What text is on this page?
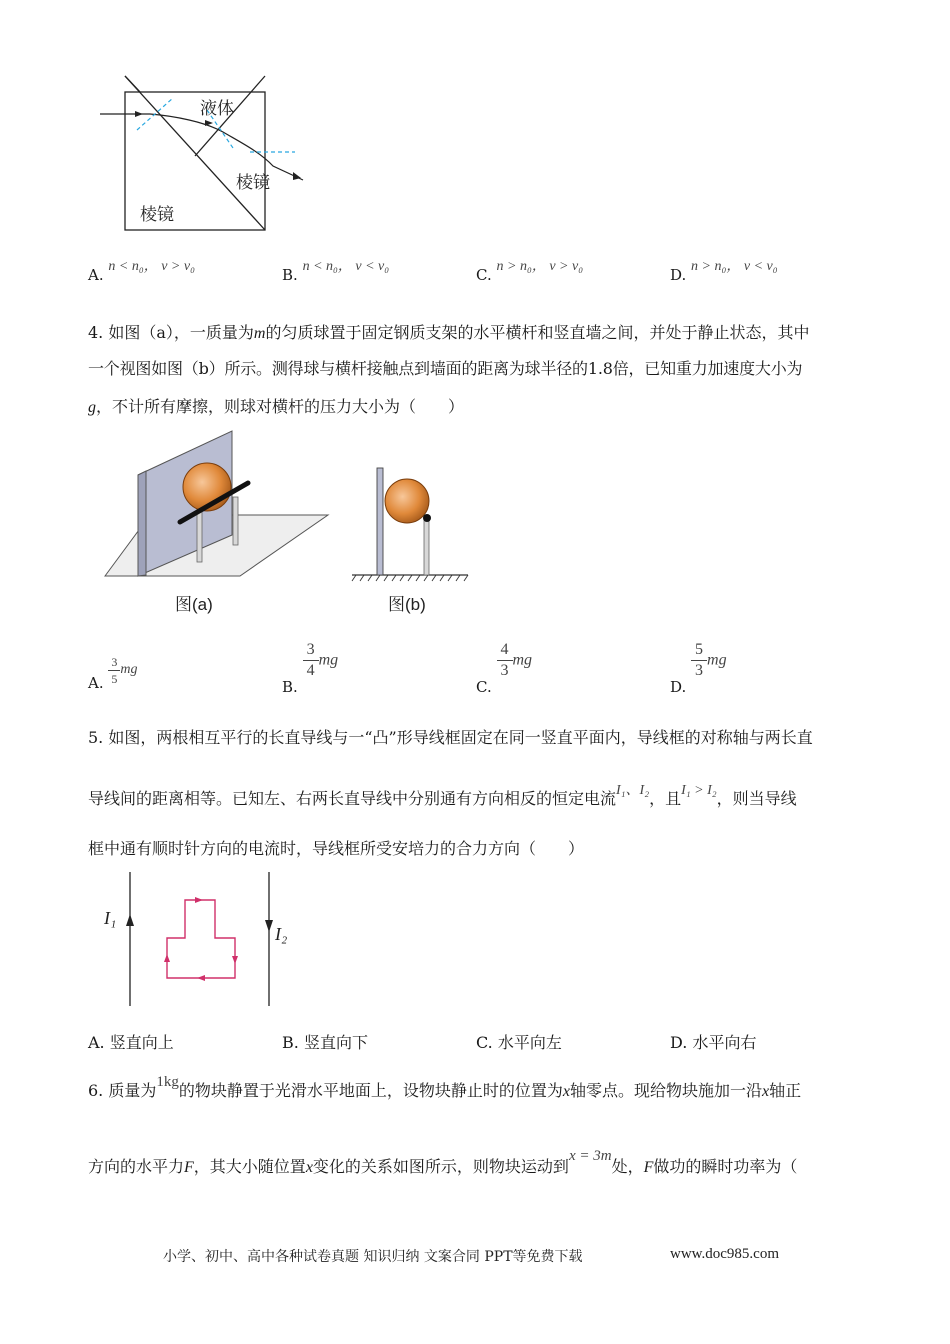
液体
棱镜
棱镜
A. n < n₀， v > v₀	B. n < n₀， v < v₀	C. n > n₀， v > v₀	D. n > n₀， v < v₀
4. 如图（a），一质量为m的匀质球置于固定钢质支架的水平横杆和竖直墙之间，并处于静止状态，其中
一个视图如图（b）所示。测得球与横杆接触点到墙面的距离为球半径的1.8倍，已知重力加速度大小为
g，不计所有摩擦，则球对横杆的压力大小为（　　）
图(a)	图(b)
A. $\frac{3}{5}$ mg
B.
$\frac{3}{4}$ mg
C.
$\frac{4}{3}$ mg
D.
$\frac{5}{3}$ mg
5. 如图，两根相互平行的长直导线与一“凸”形导线框固定在同一竖直平面内，导线框的对称轴与两长直
导线间的距离相等。已知左、右两长直导线中分别通有方向相反的恒定电流I₁、I₂，且I₁ > I₂，则当导线
框中通有顺时针方向的电流时，导线框所受安培力的合力方向（　　）
I₁
I₂
A. 竖直向上	B. 竖直向下	C. 水平向左	D. 水平向右
6. 质量为1kg的物块静置于光滑水平地面上，设物块静止时的位置为x轴零点。现给物块施加一沿x轴正
方向的水平力F，其大小随位置x变化的关系如图所示，则物块运动到x = 3m处，F做功的瞬时功率为（
小学、初中、高中各种试卷真题 知识归纳 文案合同 PPT等免费下载	www.doc985.com
